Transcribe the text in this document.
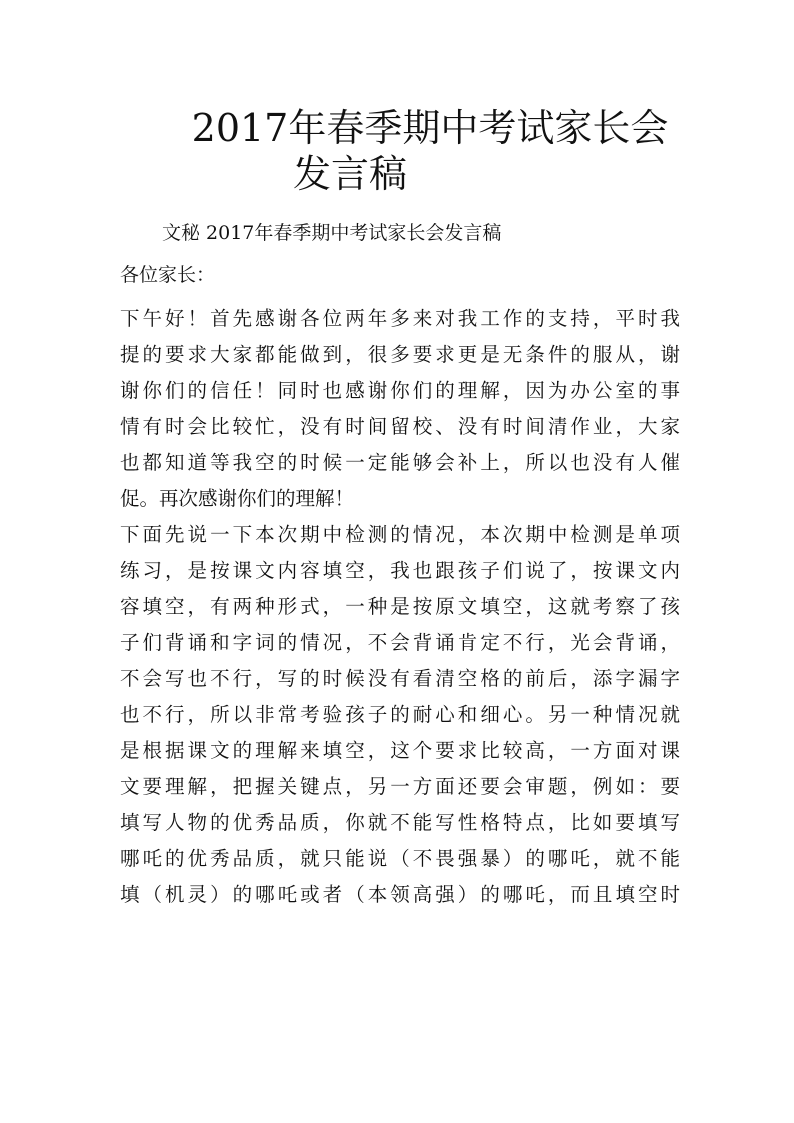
2017年春季期中考试家长会
发言稿
文秘 2017年春季期中考试家长会发言稿
各位家长：
下午好！首先感谢各位两年多来对我工作的支持，平时我
提的要求大家都能做到，很多要求更是无条件的服从，谢
谢你们的信任！同时也感谢你们的理解，因为办公室的事
情有时会比较忙，没有时间留校、没有时间清作业，大家
也都知道等我空的时候一定能够会补上，所以也没有人催
促。再次感谢你们的理解！
下面先说一下本次期中检测的情况，本次期中检测是单项
练习，是按课文内容填空，我也跟孩子们说了，按课文内
容填空，有两种形式，一种是按原文填空，这就考察了孩
子们背诵和字词的情况，不会背诵肯定不行，光会背诵，
不会写也不行，写的时候没有看清空格的前后，添字漏字
也不行，所以非常考验孩子的耐心和细心。另一种情况就
是根据课文的理解来填空，这个要求比较高，一方面对课
文要理解，把握关键点，另一方面还要会审题，例如：要
填写人物的优秀品质，你就不能写性格特点，比如要填写
哪吒的优秀品质，就只能说（不畏强暴）的哪吒，就不能
填（机灵）的哪吒或者（本领高强）的哪吒，而且填空时
